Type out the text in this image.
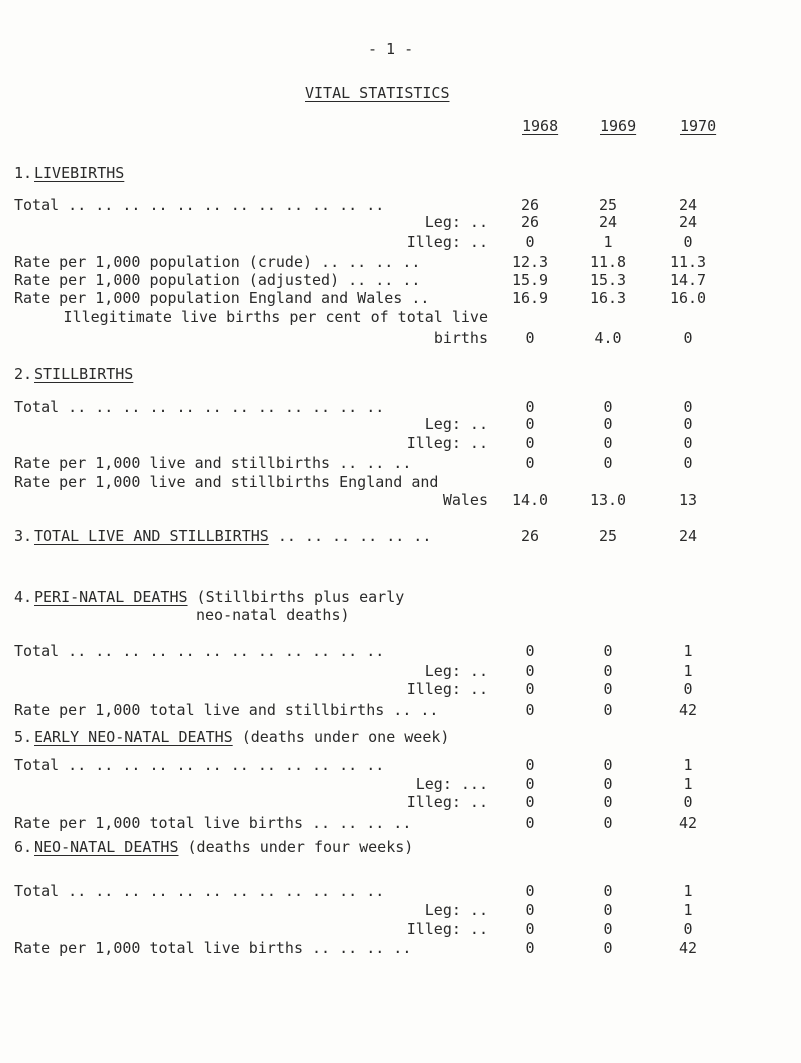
- 1 -
VITAL STATISTICS
1968	1969	1970
1. LIVEBIRTHS
Total .. .. .. .. .. .. .. .. .. .. .. ..	26	25	24
Leg: ..	26	24	24
Illeg: ..	0	1	0
Rate per 1,000 population (crude) .. .. .. ..	12.3	11.8	11.3
Rate per 1,000 population (adjusted) .. .. ..	15.9	15.3	14.7
Rate per 1,000 population England and Wales ..	16.9	16.3	16.0
Illegitimate live births per cent of total live
births	0	4.0	0
2. STILLBIRTHS
Total .. .. .. .. .. .. .. .. .. .. .. ..	0	0	0
Leg: ..	0	0	0
Illeg: ..	0	0	0
Rate per 1,000 live and stillbirths .. .. ..	0	0	0
Rate per 1,000 live and stillbirths England and
Wales	14.0	13.0	13
3. TOTAL LIVE AND STILLBIRTHS .. .. .. .. .. ..	26	25	24
4. PERI-NATAL DEATHS (Stillbirths plus early
neo-natal deaths)
Total .. .. .. .. .. .. .. .. .. .. .. ..	0	0	1
Leg: ..	0	0	1
Illeg: ..	0	0	0
Rate per 1,000 total live and stillbirths .. ..	0	0	42
5. EARLY NEO-NATAL DEATHS (deaths under one week)
Total .. .. .. .. .. .. .. .. .. .. .. ..	0	0	1
Leg: ...	0	0	1
Illeg: ..	0	0	0
Rate per 1,000 total live births .. .. .. ..	0	0	42
6. NEO-NATAL DEATHS (deaths under four weeks)
Total .. .. .. .. .. .. .. .. .. .. .. ..	0	0	1
Leg: ..	0	0	1
Illeg: ..	0	0	0
Rate per 1,000 total live births .. .. .. ..	0	0	42
